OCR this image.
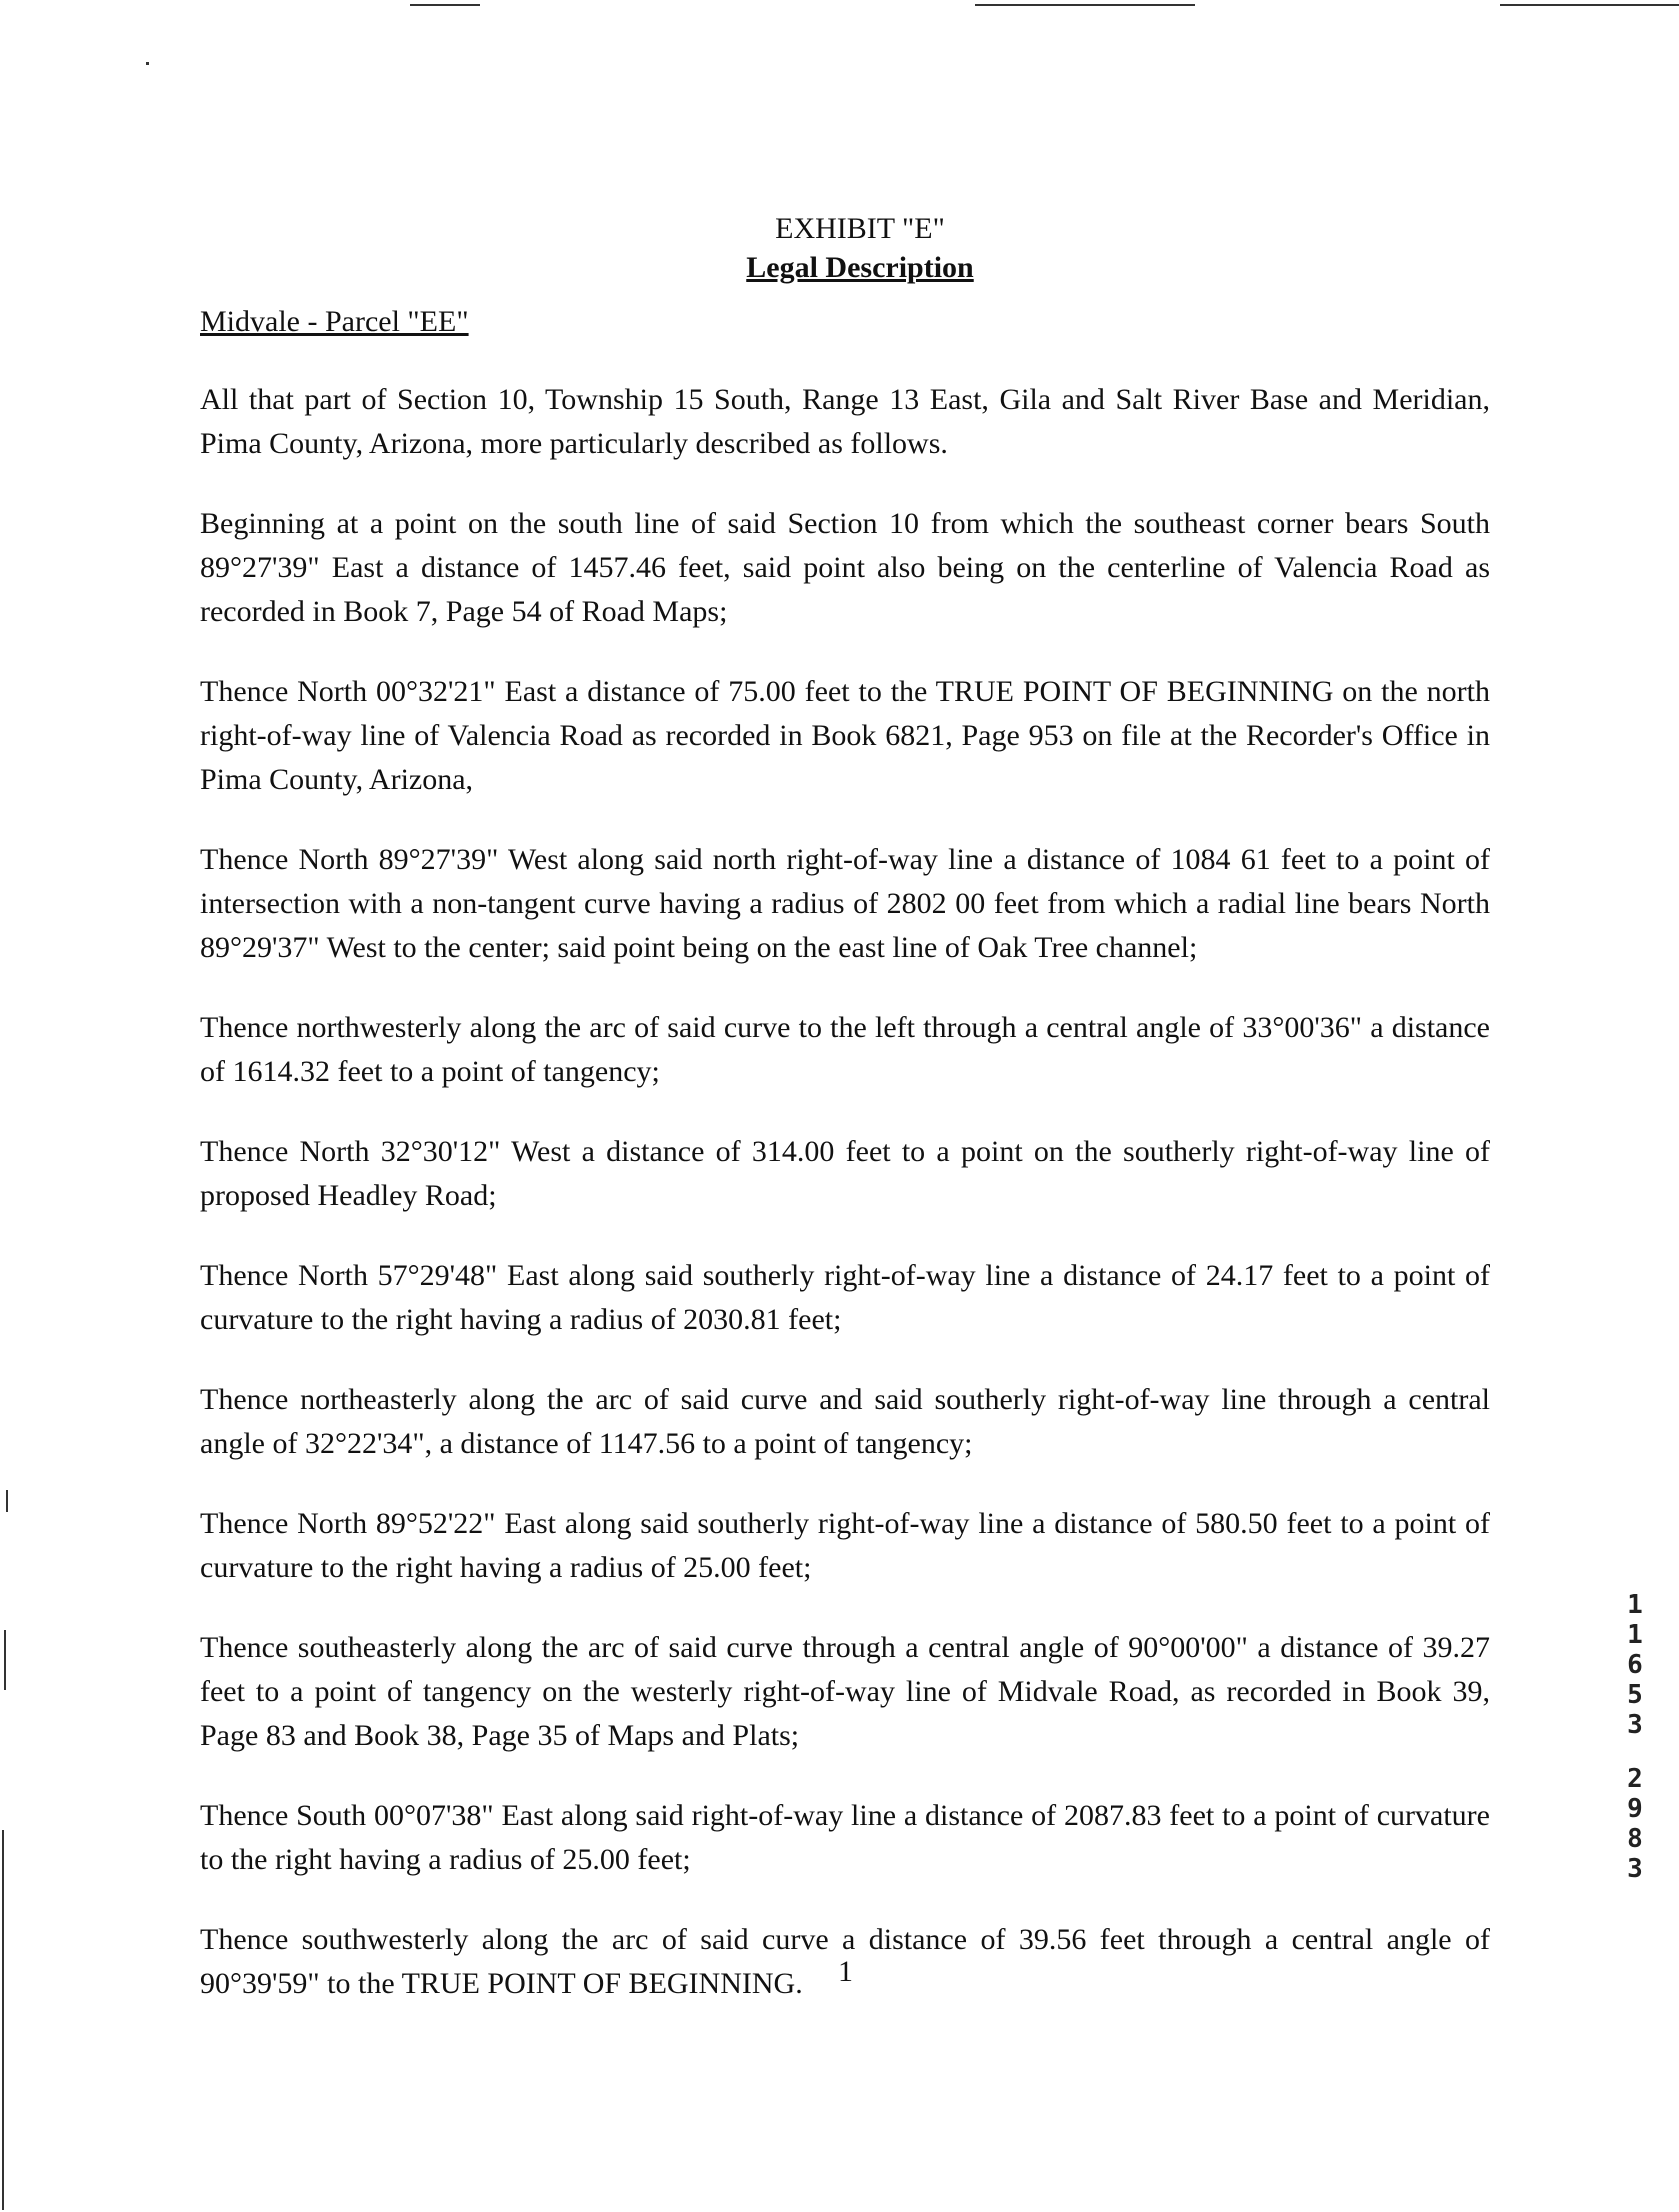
EXHIBIT "E"

Legal Description

Midvale - Parcel "EE"

All that part of Section 10, Township 15 South, Range 13 East, Gila and Salt River Base and Meridian, Pima County, Arizona, more particularly described as follows.

Beginning at a point on the south line of said Section 10 from which the southeast corner bears South 89°27'39" East a distance of 1457.46 feet, said point also being on the centerline of Valencia Road as recorded in Book 7, Page 54 of Road Maps;

Thence North 00°32'21" East a distance of 75.00 feet to the TRUE POINT OF BEGINNING on the north right-of-way line of Valencia Road as recorded in Book 6821, Page 953 on file at the Recorder's Office in Pima County, Arizona,

Thence North 89°27'39" West along said north right-of-way line a distance of 1084 61 feet to a point of intersection with a non-tangent curve having a radius of 2802 00 feet from which a radial line bears North 89°29'37" West to the center; said point being on the east line of Oak Tree channel;

Thence northwesterly along the arc of said curve to the left through a central angle of 33°00'36" a distance of 1614.32 feet to a point of tangency;

Thence North 32°30'12" West a distance of 314.00 feet to a point on the southerly right-of-way line of proposed Headley Road;

Thence North 57°29'48" East along said southerly right-of-way line a distance of 24.17 feet to a point of curvature to the right having a radius of 2030.81 feet;

Thence northeasterly along the arc of said curve and said southerly right-of-way line through a central angle of 32°22'34", a distance of 1147.56 to a point of tangency;

Thence North 89°52'22" East along said southerly right-of-way line a distance of 580.50 feet to a point of curvature to the right having a radius of 25.00 feet;

Thence southeasterly along the arc of said curve through a central angle of 90°00'00" a distance of 39.27 feet to a point of tangency on the westerly right-of-way line of Midvale Road, as recorded in Book 39, Page 83 and Book 38, Page 35 of Maps and Plats;

Thence South 00°07'38" East along said right-of-way line a distance of 2087.83 feet to a point of curvature to the right having a radius of 25.00 feet;

Thence southwesterly along the arc of said curve a distance of 39.56 feet through a central angle of 90°39'59" to the TRUE POINT OF BEGINNING.	1
1
1
6
5
3
2
9
8
3
